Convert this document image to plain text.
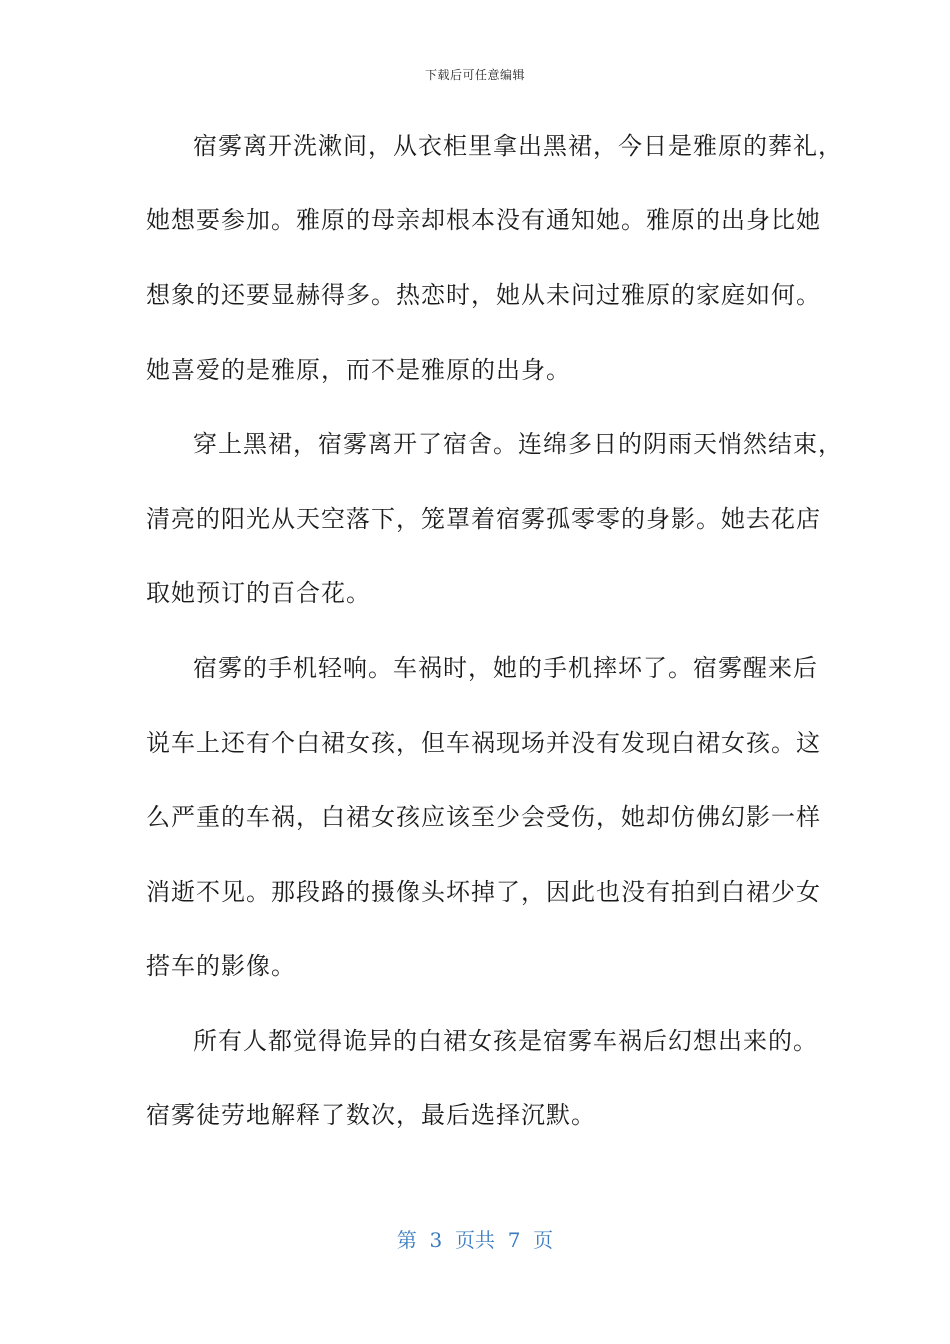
下载后可任意编辑
宿雾离开洗漱间，从衣柜里拿出黑裙，今日是雅原的葬礼，
她想要参加。雅原的母亲却根本没有通知她。雅原的出身比她
想象的还要显赫得多。热恋时，她从未问过雅原的家庭如何。
她喜爱的是雅原，而不是雅原的出身。
穿上黑裙，宿雾离开了宿舍。连绵多日的阴雨天悄然结束，
清亮的阳光从天空落下，笼罩着宿雾孤零零的身影。她去花店
取她预订的百合花。
宿雾的手机轻响。车祸时，她的手机摔坏了。宿雾醒来后
说车上还有个白裙女孩，但车祸现场并没有发现白裙女孩。这
么严重的车祸，白裙女孩应该至少会受伤，她却仿佛幻影一样
消逝不见。那段路的摄像头坏掉了，因此也没有拍到白裙少女
搭车的影像。
所有人都觉得诡异的白裙女孩是宿雾车祸后幻想出来的。
宿雾徒劳地解释了数次，最后选择沉默。
第  3  页共  7  页
